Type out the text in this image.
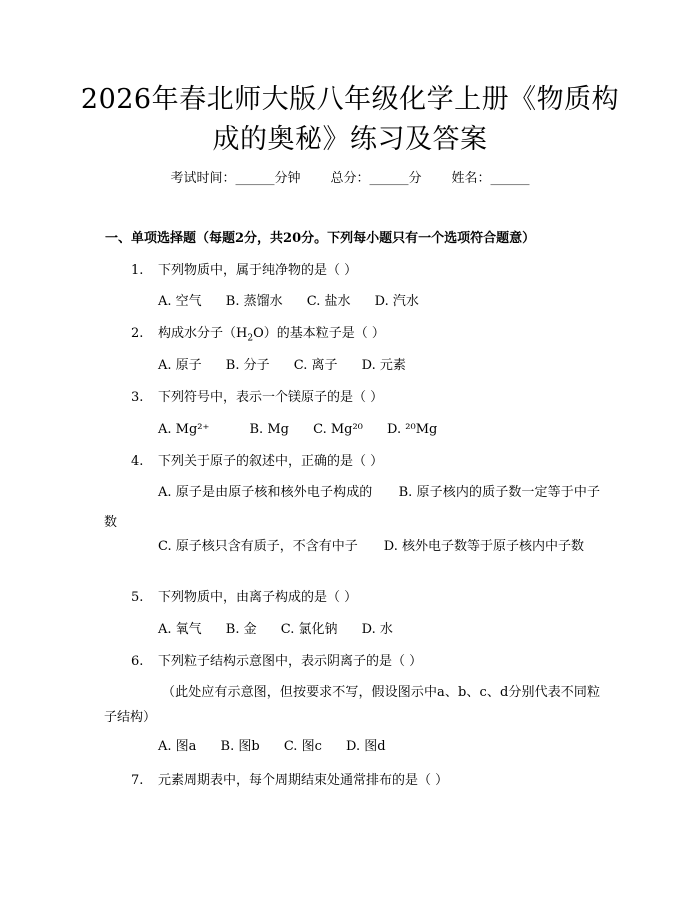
2026年春北师大版八年级化学上册《物质构
成的奥秘》练习及答案
考试时间：______分钟 总分：______分 姓名：______
一、单项选择题（每题2分，共20分。下列每小题只有一个选项符合题意）
1. 下列物质中，属于纯净物的是（ ）
A. 空气 B. 蒸馏水 C. 盐水 D. 汽水
2. 构成水分子$(H_2O)$的基本粒子是（ ）
A. 原子 B. 分子 C. 离子 D. 元素
3. 下列符号中，表示一个镁原子的是（ ）
A. Mg²⁺	B. Mg C. Mg²⁰ D. ²⁰Mg
4. 下列关于原子的叙述中，正确的是（ ）
A. 原子是由原子核和核外电子构成的　　B. 原子核内的质子数一定等于中子数
C. 原子核只含有质子，不含有中子　　D. 核外电子数等于原子核内中子数
5. 下列物质中，由离子构成的是（ ）
A. 氧气 B. 金 C. 氯化钠 D. 水
6. 下列粒子结构示意图中，表示阴离子的是（ ）
（此处应有示意图，但按要求不写，假设图示中a、b、c、d分别代表不同粒子结构）
A. 图a B. 图b C. 图c D. 图d
7. 元素周期表中，每个周期结束处通常排布的是（ ）
